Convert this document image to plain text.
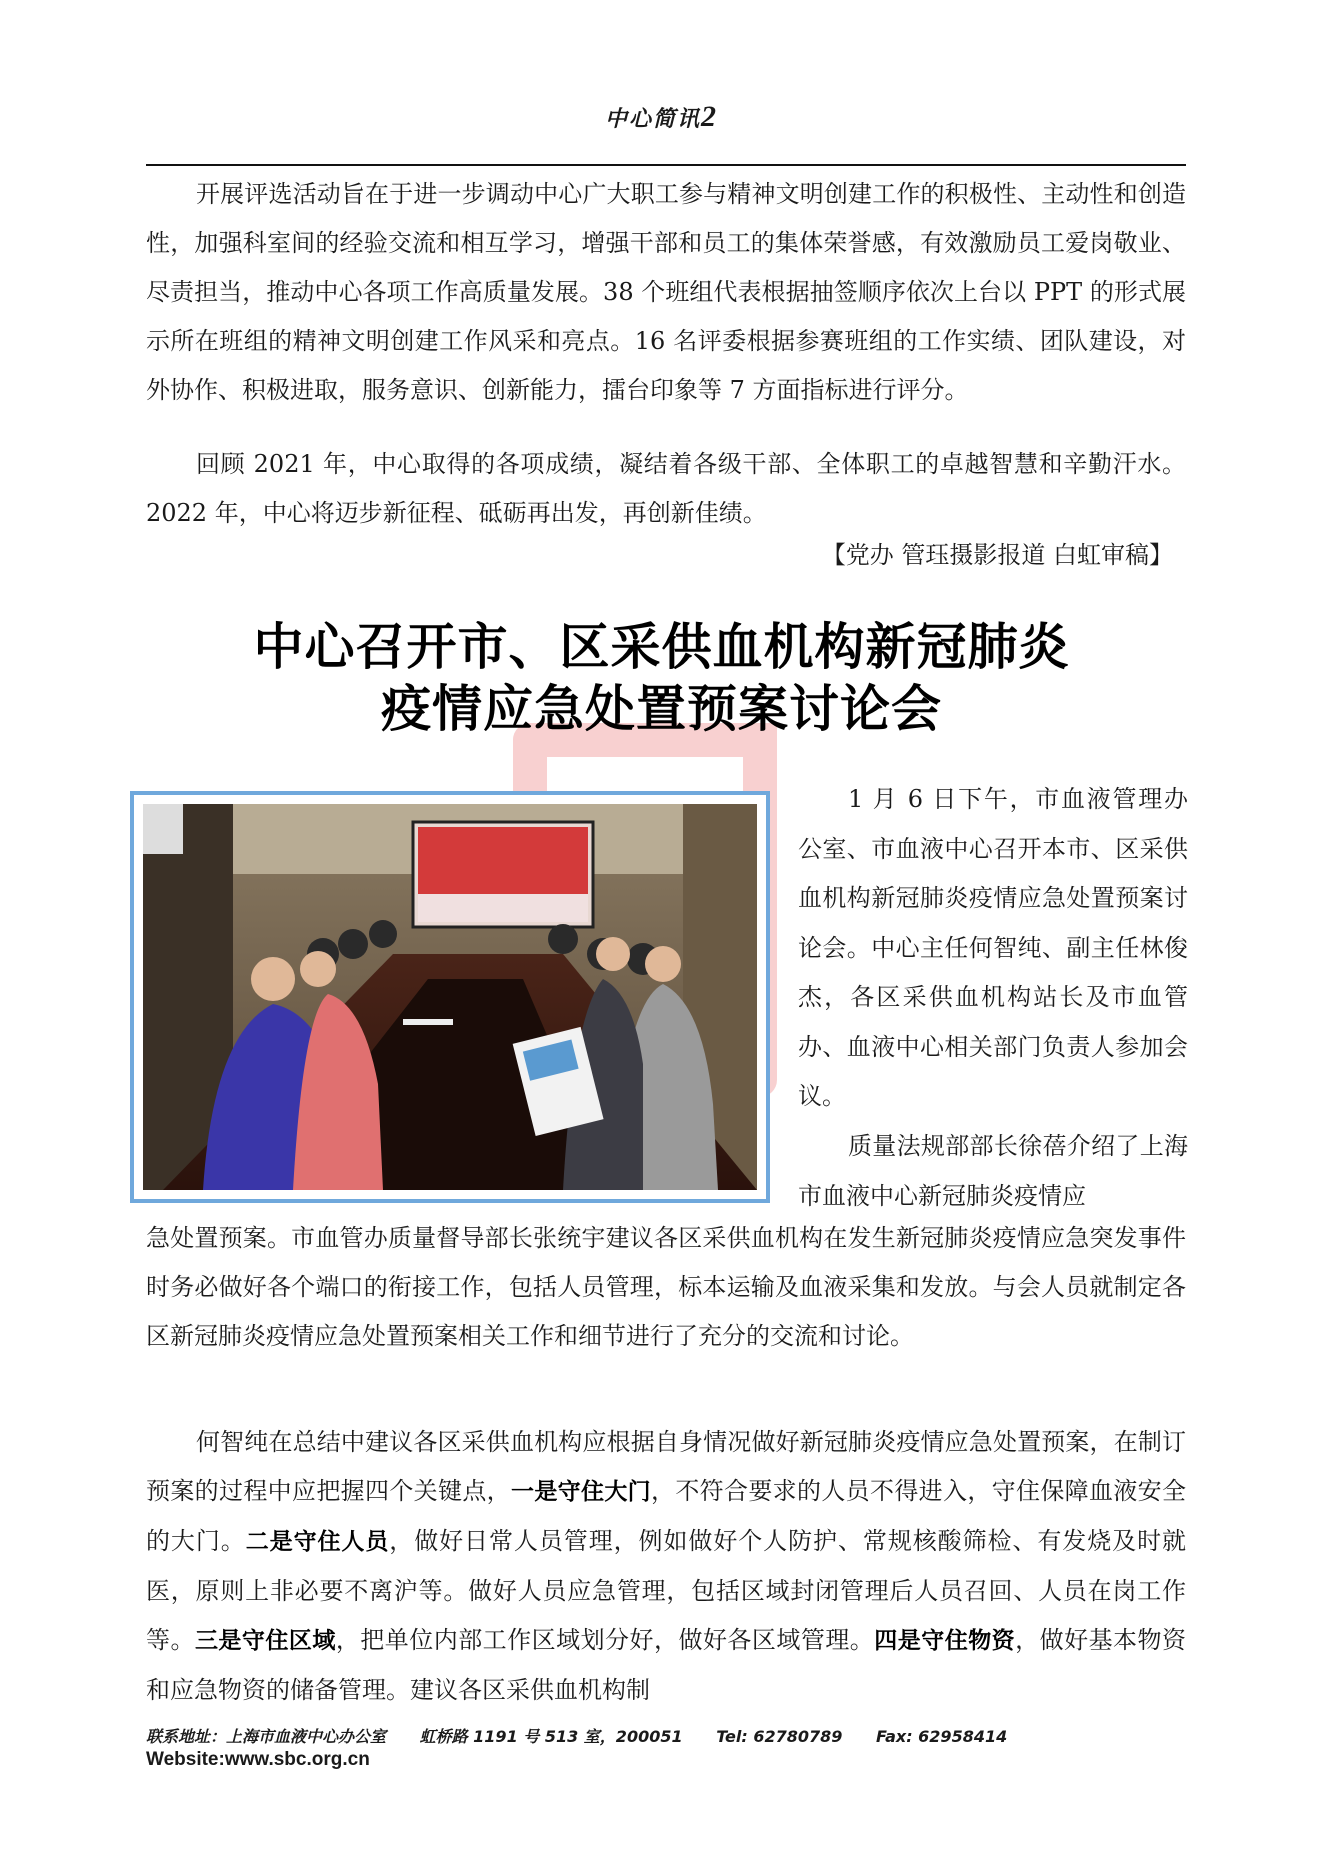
中心简讯2

开展评选活动旨在于进一步调动中心广大职工参与精神文明创建工作的积极性、主动性和创造性，加强科室间的经验交流和相互学习，增强干部和员工的集体荣誉感，有效激励员工爱岗敬业、尽责担当，推动中心各项工作高质量发展。38 个班组代表根据抽签顺序依次上台以 PPT 的形式展示所在班组的精神文明创建工作风采和亮点。16 名评委根据参赛班组的工作实绩、团队建设，对外协作、积极进取，服务意识、创新能力，擂台印象等 7 方面指标进行评分。

回顾 2021 年，中心取得的各项成绩，凝结着各级干部、全体职工的卓越智慧和辛勤汗水。2022 年，中心将迈步新征程、砥砺再出发，再创新佳绩。

【党办 管珏摄影报道 白虹审稿】
中心召开市、区采供血机构新冠肺炎
疫情应急处置预案讨论会

1 月 6 日下午，市血液管理办公室、市血液中心召开本市、区采供血机构新冠肺炎疫情应急处置预案讨论会。中心主任何智纯、副主任林俊杰，各区采供血机构站长及市血管办、血液中心相关部门负责人参加会议。

质量法规部部长徐蓓介绍了上海市血液中心新冠肺炎疫情应

急处置预案。市血管办质量督导部长张统宇建议各区采供血机构在发生新冠肺炎疫情应急突发事件时务必做好各个端口的衔接工作，包括人员管理，标本运输及血液采集和发放。与会人员就制定各区新冠肺炎疫情应急处置预案相关工作和细节进行了充分的交流和讨论。

何智纯在总结中建议各区采供血机构应根据自身情况做好新冠肺炎疫情应急处置预案，在制订预案的过程中应把握四个关键点，一是守住大门，不符合要求的人员不得进入，守住保障血液安全的大门。二是守住人员，做好日常人员管理，例如做好个人防护、常规核酸筛检、有发烧及时就医，原则上非必要不离沪等。做好人员应急管理，包括区域封闭管理后人员召回、人员在岗工作等。三是守住区域，把单位内部工作区域划分好，做好各区域管理。四是守住物资，做好基本物资和应急物资的储备管理。建议各区采供血机构制

联系地址：上海市血液中心办公室 虹桥路 1191 号 513 室，200051 Tel: 62780789 Fax: 62958414
Website:www.sbc.org.cn
